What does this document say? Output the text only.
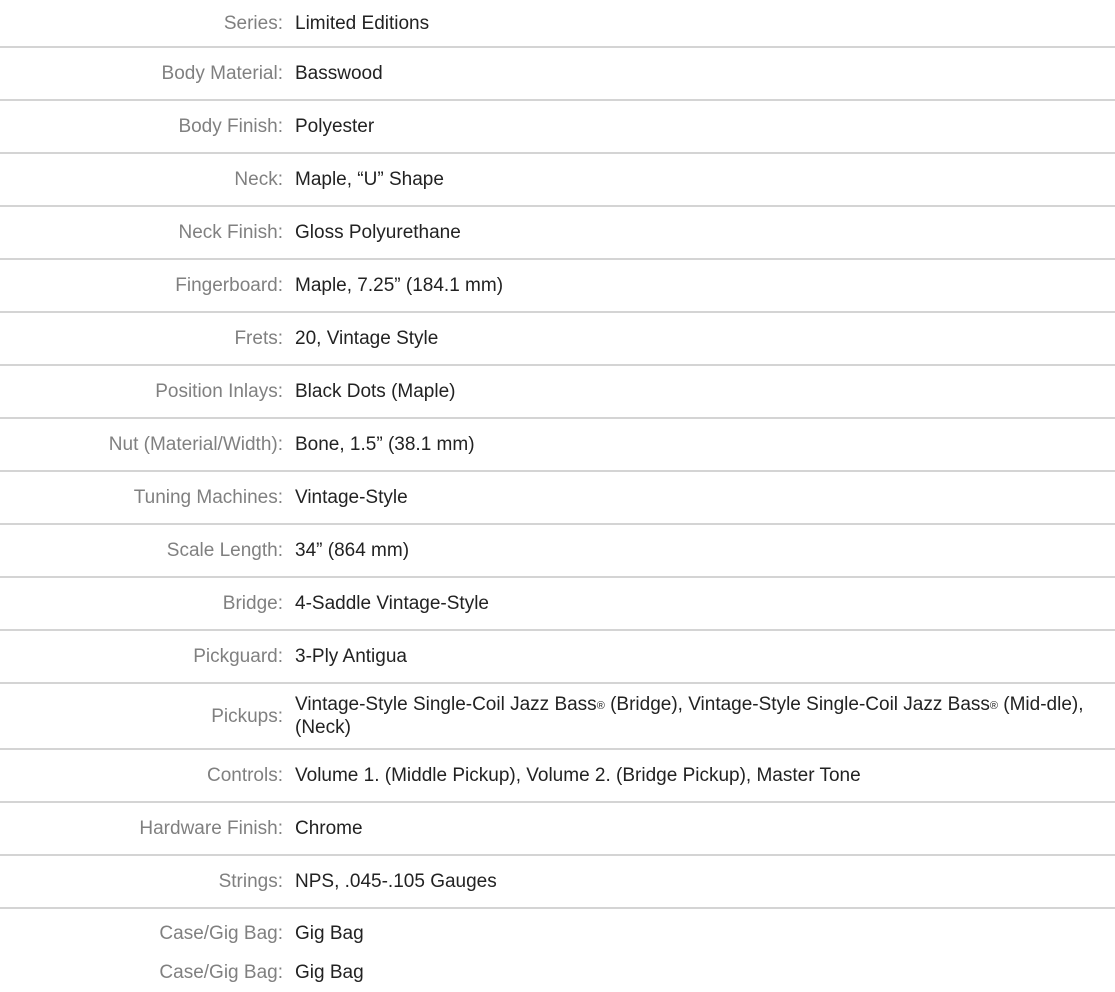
Series:	Limited Editions
Body Material:	Basswood
Body Finish:	Polyester
Neck:	Maple, “U” Shape
Neck Finish:	Gloss Polyurethane
Fingerboard:	Maple, 7.25” (184.1 mm)
Frets:	20, Vintage Style
Position Inlays:	Black Dots (Maple)
Nut (Material/Width):	Bone, 1.5” (38.1 mm)
Tuning Machines:	Vintage-Style
Scale Length:	34” (864 mm)
Bridge:	4-Saddle Vintage-Style
Pickguard:	3-Ply Antigua
Pickups:	Vintage-Style Single-Coil Jazz Bass® (Bridge), Vintage-Style Single-Coil Jazz Bass® (Mid-dle), (Neck)
Controls:	Volume 1. (Middle Pickup), Volume 2. (Bridge Pickup), Master Tone
Hardware Finish:	Chrome
Strings:	NPS, .045-.105 Gauges
Case/Gig Bag:	Gig Bag
Case/Gig Bag:	Gig Bag
